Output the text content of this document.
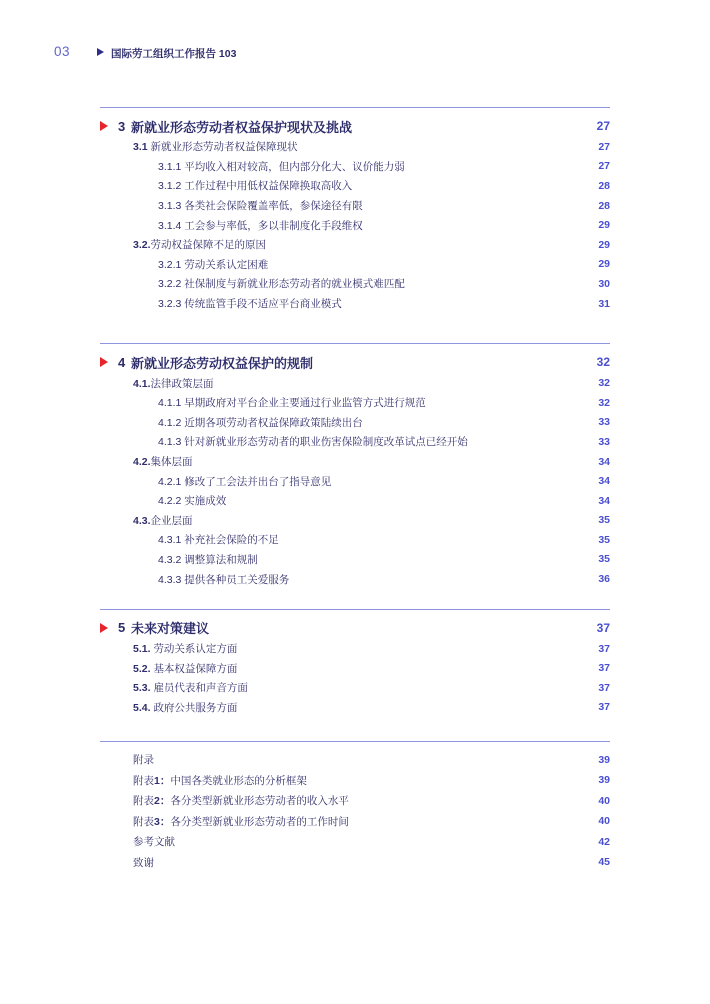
03	国际劳工组织工作报告 103
3 新就业形态劳动者权益保护现状及挑战	27
3.1 新就业形态劳动者权益保障现状	27
3.1.1 平均收入相对较高，但内部分化大、议价能力弱	27
3.1.2 工作过程中用低权益保障换取高收入	28
3.1.3 各类社会保险覆盖率低，参保途径有限	28
3.1.4 工会参与率低，多以非制度化手段维权	29
3.2.劳动权益保障不足的原因	29
3.2.1 劳动关系认定困难	29
3.2.2 社保制度与新就业形态劳动者的就业模式难匹配	30
3.2.3 传统监管手段不适应平台商业模式	31
4 新就业形态劳动权益保护的规制	32
4.1.法律政策层面	32
4.1.1 早期政府对平台企业主要通过行业监管方式进行规范	32
4.1.2 近期各项劳动者权益保障政策陆续出台	33
4.1.3 针对新就业形态劳动者的职业伤害保险制度改革试点已经开始	33
4.2.集体层面	34
4.2.1 修改了工会法并出台了指导意见	34
4.2.2 实施成效	34
4.3.企业层面	35
4.3.1 补充社会保险的不足	35
4.3.2 调整算法和规制	35
4.3.3 提供各种员工关爱服务	36
5 未来对策建议	37
5.1. 劳动关系认定方面	37
5.2. 基本权益保障方面	37
5.3. 雇员代表和声音方面	37
5.4. 政府公共服务方面	37
附录	39
附表1：中国各类就业形态的分析框架	39
附表2：各分类型新就业形态劳动者的收入水平	40
附表3：各分类型新就业形态劳动者的工作时间	40
参考文献	42
致谢	45
